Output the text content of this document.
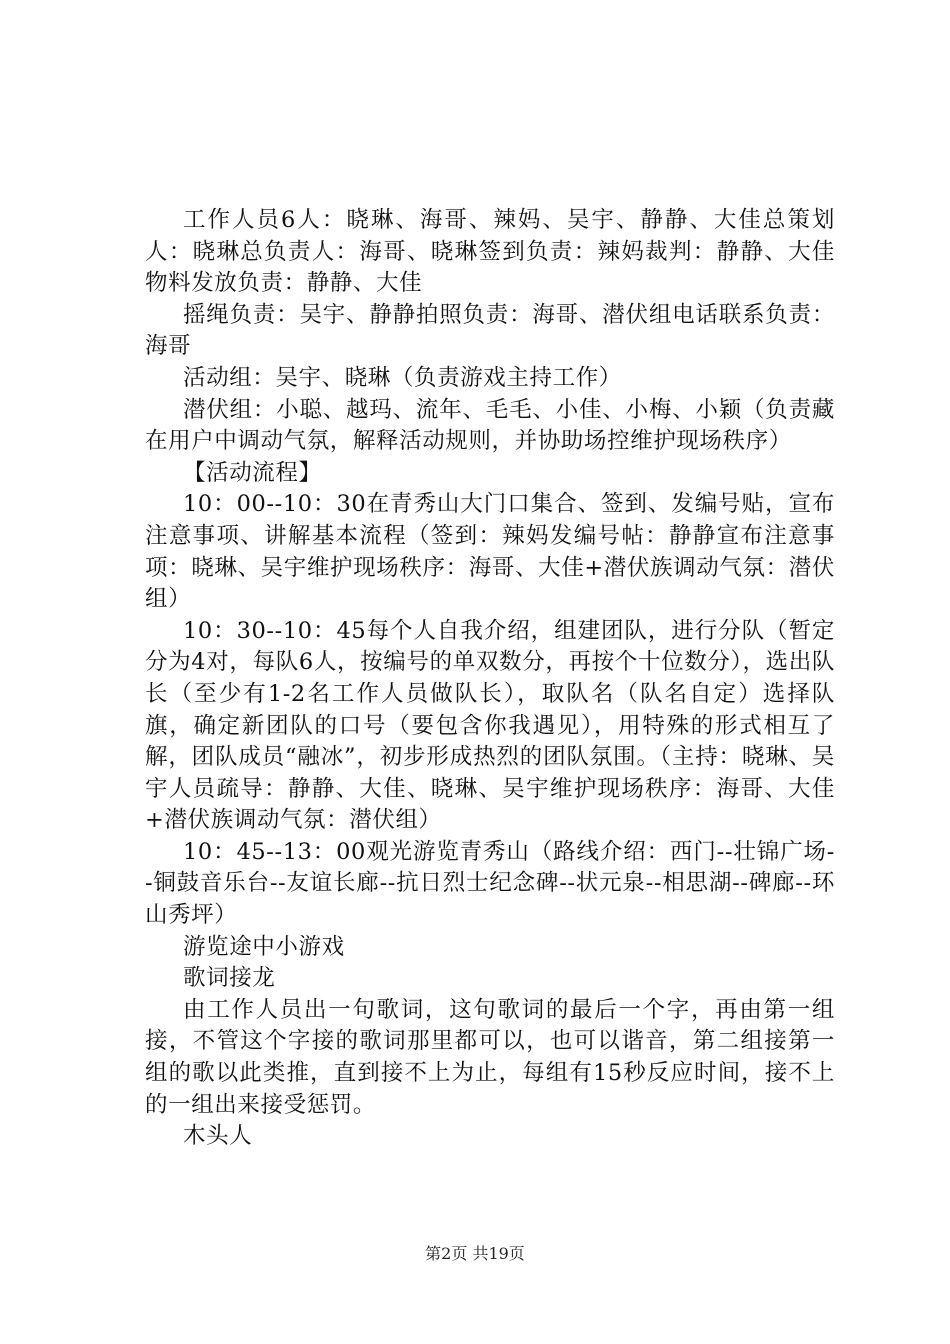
工作人员6人：晓琳、海哥、辣妈、吴宇、静静、大佳总策划人：晓琳总负责人：海哥、晓琳签到负责：辣妈裁判：静静、大佳物料发放负责：静静、大佳

摇绳负责：吴宇、静静拍照负责：海哥、潜伏组电话联系负责：海哥

活动组：吴宇、晓琳（负责游戏主持工作）

潜伏组：小聪、越玛、流年、毛毛、小佳、小梅、小颖（负责藏在用户中调动气氛，解释活动规则，并协助场控维护现场秩序）

【活动流程】

10：00--10：30在青秀山大门口集合、签到、发编号贴，宣布注意事项、讲解基本流程（签到：辣妈发编号帖：静静宣布注意事项：晓琳、吴宇维护现场秩序：海哥、大佳+潜伏族调动气氛：潜伏组）

10：30--10：45每个人自我介绍，组建团队，进行分队（暂定分为4对，每队6人，按编号的单双数分，再按个十位数分），选出队长（至少有1-2名工作人员做队长），取队名（队名自定）选择队旗，确定新团队的口号（要包含你我遇见），用特殊的形式相互了解，团队成员“融冰”，初步形成热烈的团队氛围。（主持：晓琳、吴宇人员疏导：静静、大佳、晓琳、吴宇维护现场秩序：海哥、大佳+潜伏族调动气氛：潜伏组）

10：45--13：00观光游览青秀山（路线介绍：西门--壮锦广场--铜鼓音乐台--友谊长廊--抗日烈士纪念碑--状元泉--相思湖--碑廊--环山秀坪）

游览途中小游戏

歌词接龙

由工作人员出一句歌词，这句歌词的最后一个字，再由第一组接，不管这个字接的歌词那里都可以，也可以谐音，第二组接第一组的歌以此类推，直到接不上为止，每组有15秒反应时间，接不上的一组出来接受惩罚。

木头人

第2页 共19页
